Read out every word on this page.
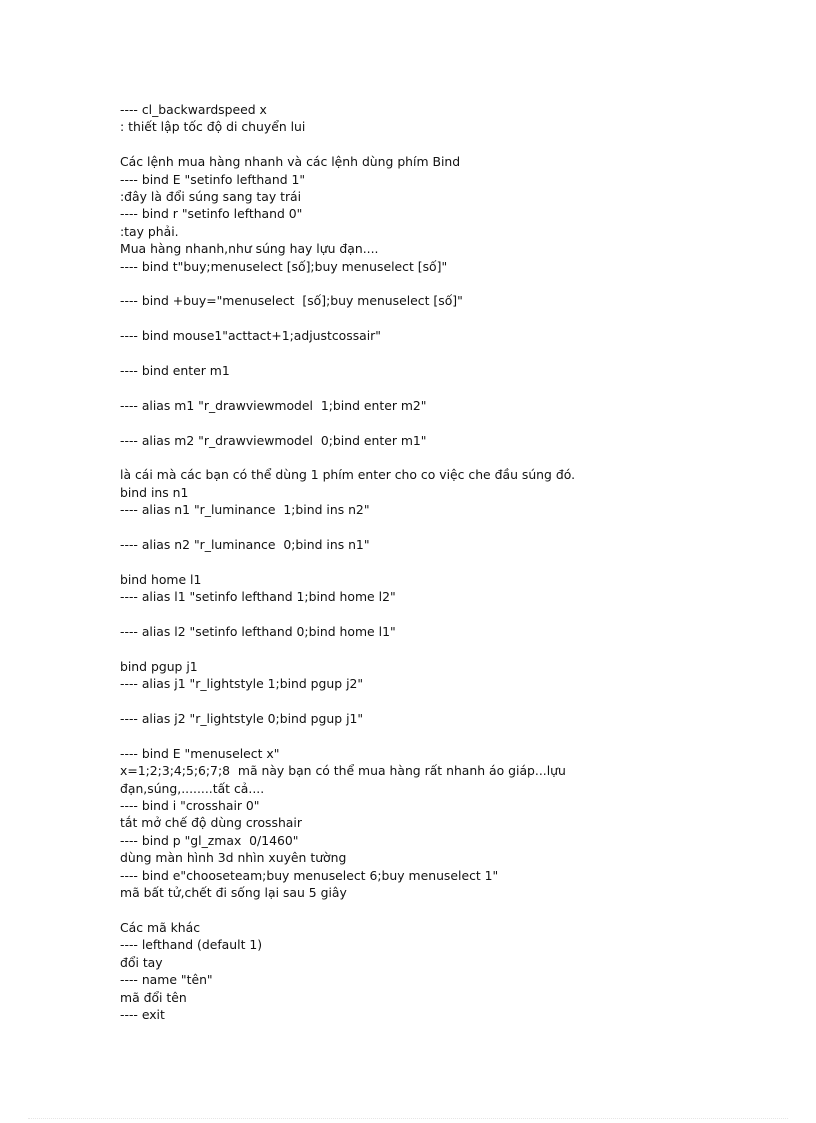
---- cl_backwardspeed x
: thiết lập tốc độ di chuyển lui
Các lệnh mua hàng nhanh và các lệnh dùng phím Bind
---- bind E "setinfo lefthand 1"
:đây là đổi súng sang tay trái
---- bind r "setinfo lefthand 0"
:tay phải.
Mua hàng nhanh,như súng hay lựu đạn....
---- bind t"buy;menuselect [số];buy menuselect [số]"
---- bind +buy="menuselect  [số];buy menuselect [số]"
---- bind mouse1"acttact+1;adjustcossair"
---- bind enter m1
---- alias m1 "r_drawviewmodel  1;bind enter m2"
---- alias m2 "r_drawviewmodel  0;bind enter m1"
là cái mà các bạn có thể dùng 1 phím enter cho co việc che đầu súng đó.
bind ins n1
---- alias n1 "r_luminance  1;bind ins n2"
---- alias n2 "r_luminance  0;bind ins n1"
bind home l1
---- alias l1 "setinfo lefthand 1;bind home l2"
---- alias l2 "setinfo lefthand 0;bind home l1"
bind pgup j1
---- alias j1 "r_lightstyle 1;bind pgup j2"
---- alias j2 "r_lightstyle 0;bind pgup j1"
---- bind E "menuselect x"
x=1;2;3;4;5;6;7;8  mã này bạn có thể mua hàng rất nhanh áo giáp...lựu
đạn,súng,........tất cả....
---- bind i "crosshair 0"
tắt mở chế độ dùng crosshair
---- bind p "gl_zmax  0/1460"
dùng màn hình 3d nhìn xuyên tường
---- bind e"chooseteam;buy menuselect 6;buy menuselect 1"
mã bất tử,chết đi sống lại sau 5 giây
Các mã khác
---- lefthand (default 1)
đổi tay
---- name "tên"
mã đổi tên
---- exit
